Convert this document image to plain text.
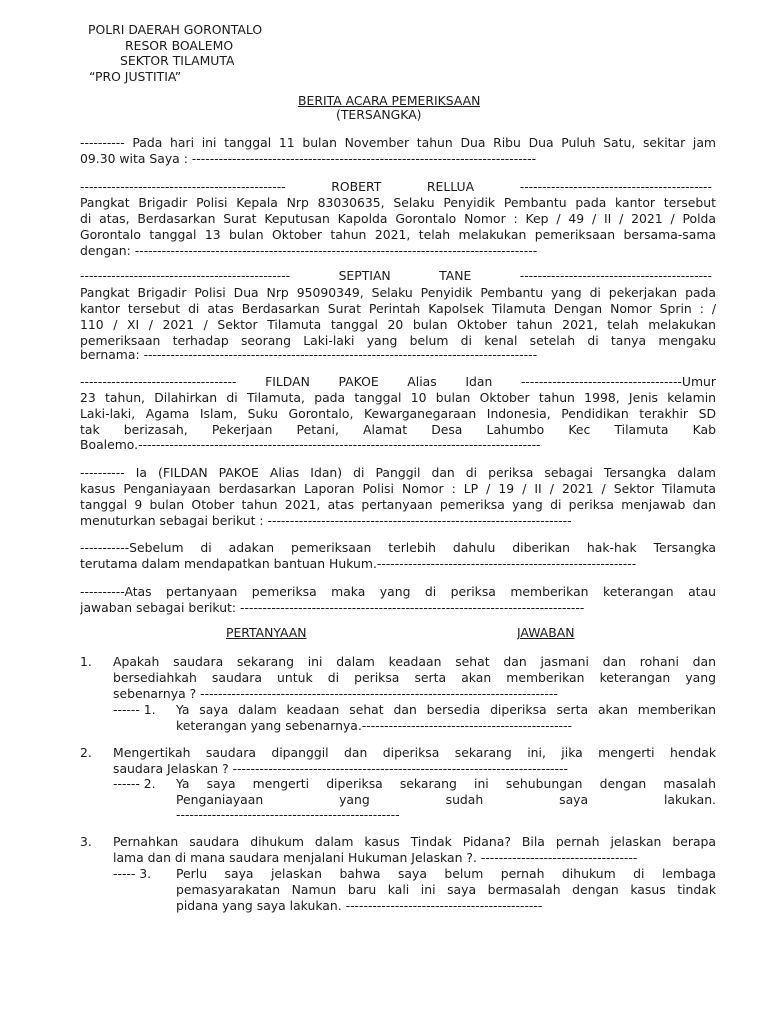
POLRI DAERAH GORONTALO
RESOR BOALEMO
SEKTOR TILAMUTA
“PRO JUSTITIA”
BERITA ACARA PEMERIKSAAN
(TERSANGKA)
---------- Pada hari ini tanggal 11 bulan November tahun Dua Ribu Dua Puluh Satu, sekitar jam
09.30 wita Saya : -----------------------------------------------------------------------------
---------------------------------------------- ROBERT RELLUA -------------------------------------------
Pangkat Brigadir Polisi Kepala Nrp 83030635, Selaku Penyidik Pembantu pada kantor tersebut
di atas, Berdasarkan Surat Keputusan Kapolda Gorontalo Nomor : Kep / 49 / II / 2021 / Polda
Gorontalo tanggal 13 bulan Oktober tahun 2021, telah melakukan pemeriksaan bersama-sama
dengan: ------------------------------------------------------------------------------------------
----------------------------------------------- SEPTIAN TANE -------------------------------------------
Pangkat Brigadir Polisi Dua Nrp 95090349, Selaku Penyidik Pembantu yang di pekerjakan pada
kantor tersebut di atas Berdasarkan Surat Perintah Kapolsek Tilamuta Dengan Nomor Sprin : /
110 / XI / 2021 / Sektor Tilamuta tanggal 20 bulan Oktober tahun 2021, telah melakukan
pemeriksaan terhadap seorang Laki-laki yang belum di kenal setelah di tanya mengaku
bernama: ----------------------------------------------------------------------------------------
----------------------------------- FILDAN PAKOE Alias Idan ------------------------------------Umur
23 tahun, Dilahirkan di Tilamuta, pada tanggal 10 bulan Oktober tahun 1998, Jenis kelamin
Laki-laki, Agama Islam, Suku Gorontalo, Kewarganegaraan Indonesia, Pendidikan terakhir SD
tak berizasah, Pekerjaan Petani, Alamat Desa Lahumbo Kec Tilamuta Kab
Boalemo.------------------------------------------------------------------------------------------
---------- Ia (FILDAN PAKOE Alias Idan) di Panggil dan di periksa sebagai Tersangka dalam
kasus Penganiayaan berdasarkan Laporan Polisi Nomor : LP / 19 / II / 2021 / Sektor Tilamuta
tanggal 9 bulan Otober tahun 2021, atas pertanyaan pemeriksa yang di periksa menjawab dan
menuturkan sebagai berikut : --------------------------------------------------------------------
-----------Sebelum di adakan pemeriksaan terlebih dahulu diberikan hak-hak Tersangka
terutama dalam mendapatkan bantuan Hukum.----------------------------------------------------------
----------Atas pertanyaan pemeriksa maka yang di periksa memberikan keterangan atau
jawaban sebagai berikut: -----------------------------------------------------------------------------
PERTANYAAN	JAWABAN
1. Apakah saudara sekarang ini dalam keadaan sehat dan jasmani dan rohani dan
bersediahkah saudara untuk di periksa serta akan memberikan keterangan yang
sebenarnya ? --------------------------------------------------------------------------------
------ 1. Ya saya dalam keadaan sehat dan bersedia diperiksa serta akan memberikan
keterangan yang sebenarnya.-----------------------------------------------
2. Mengertikah saudara dipanggil dan diperiksa sekarang ini, jika mengerti hendak
saudara Jelaskan ? ---------------------------------------------------------------------------
------ 2. Ya saya mengerti diperiksa sekarang ini sehubungan dengan masalah
Penganiayaan yang sudah saya lakukan.
--------------------------------------------------
3. Pernahkan saudara dihukum dalam kasus Tindak Pidana? Bila pernah jelaskan berapa
lama dan di mana saudara menjalani Hukuman Jelaskan ?. -----------------------------------
----- 3. Perlu saya jelaskan bahwa saya belum pernah dihukum di lembaga
pemasyarakatan Namun baru kali ini saya bermasalah dengan kasus tindak
pidana yang saya lakukan. --------------------------------------------
